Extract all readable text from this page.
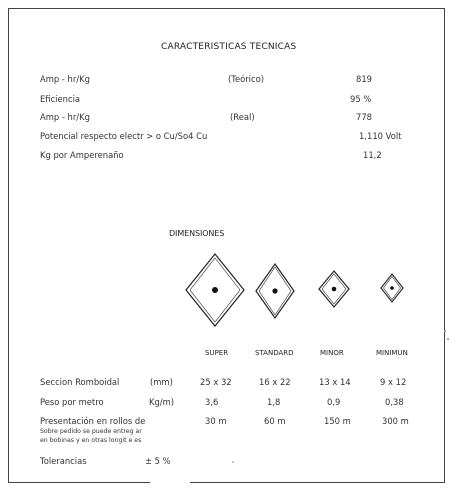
CARACTERISTICAS TECNICAS
Amp - hr/Kg	(Teórico)	819
Eficiencia	95 %
Amp - hr/Kg	(Real)	778
Potencial respecto electr > o Cu/So4 Cu	1,110 Volt
Kg por Amperenaño	11,2
DIMENSIONES
SUPER	STANDARD	MINOR	MINIMUN
Seccion Romboidal	(mm)	25 x 32	16 x 22	13 x 14	9 x 12
Peso por metro	Kg/m)	3,6	1,8	0,9	0,38
Presentación en rollos de	30 m	60 m	150 m	300 m
Sobre pedido se puede entreg ar
en bobinas y en otras longit e es
Tolerancias	± 5 %
